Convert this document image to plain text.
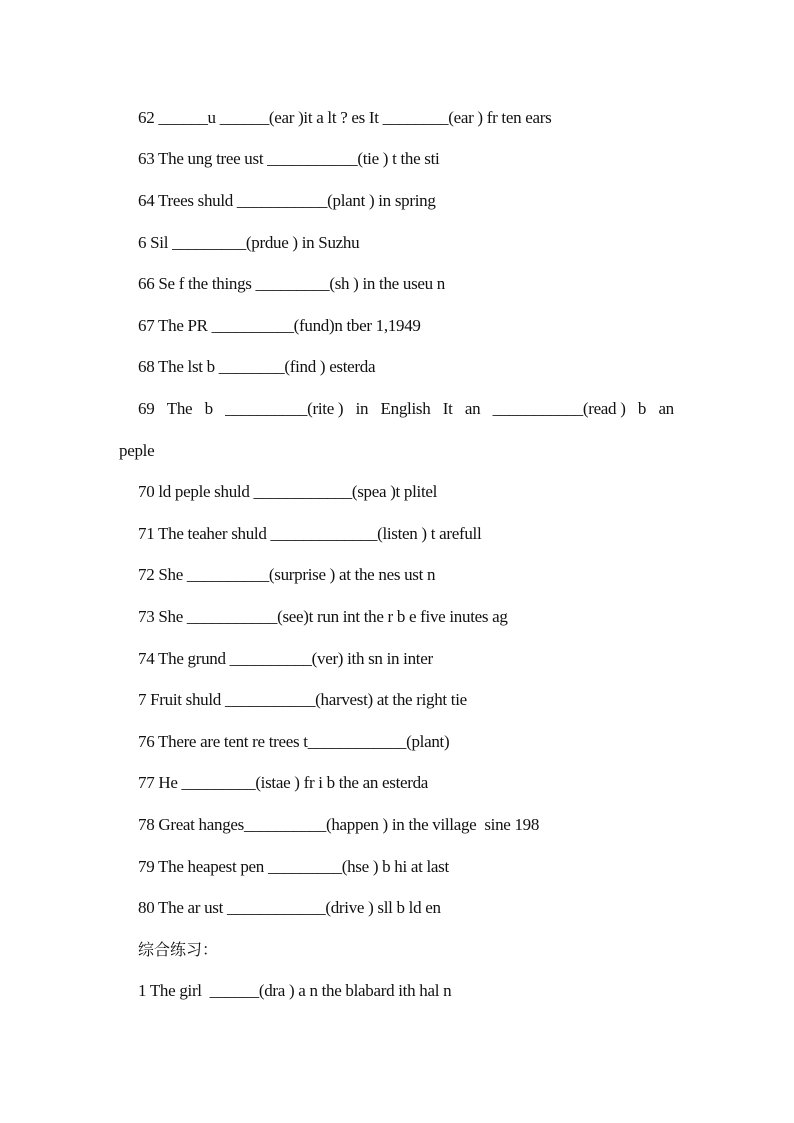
62 ______u ______(ear )it a lt ? es It ________(ear ) fr ten ears
63 The ung tree ust ___________(tie ) t the sti
64 Trees shuld ___________(plant ) in spring
6 Sil _________(prdue ) in Suzhu
66 Se f the things _________(sh ) in the useu n
67 The PR __________(fund)n tber 1,1949
68 The lst b ________(find ) esterda
69 The b __________(rite ) in English It an ___________(read ) b an
peple
70 ld peple shuld ____________(spea )t plitel
71 The teaher shuld _____________(listen ) t arefull
72 She __________(surprise ) at the nes ust n
73 She ___________(see)t run int the r b e five inutes ag
74 The grund __________(ver) ith sn in inter
7 Fruit shuld ___________(harvest) at the right tie
76 There are tent re trees t____________(plant)
77 He _________(istae ) fr i b the an esterda
78 Great hanges__________(happen ) in the village  sine 198
79 The heapest pen _________(hse ) b hi at last
80 The ar ust ____________(drive ) sll b ld en
综合练习：
1 The girl  ______(dra ) a n the blabard ith hal n
